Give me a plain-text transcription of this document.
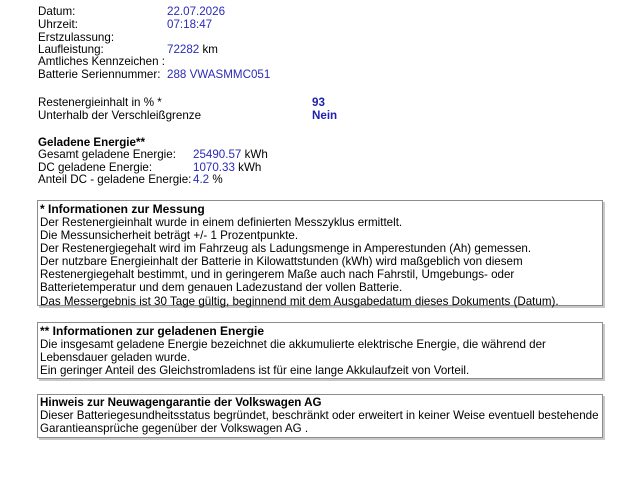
Datum:	22.07.2026
Uhrzeit:	07:18:47
Erstzulassung:
Laufleistung:	72282 km
Amtliches Kennzeichen :
Batterie Seriennummer: 288 VWASMMC051
Restenergieinhalt in % *	93
Unterhalb der Verschleißgrenze	Nein
Geladene Energie**
Gesamt geladene Energie: 25490.57 kWh
DC geladene Energie:	1070.33 kWh
Anteil DC - geladene Energie: 4.2 %
* Informationen zur Messung
Der Restenergieinhalt wurde in einem definierten Messzyklus ermittelt.
Die Messunsicherheit beträgt +/- 1 Prozentpunkte.
Der Restenergiegehalt wird im Fahrzeug als Ladungsmenge in Amperestunden (Ah) gemessen.
Der nutzbare Energieinhalt der Batterie in Kilowattstunden (kWh) wird maßgeblich von diesem
Restenergiegehalt bestimmt, und in geringerem Maße auch nach Fahrstil, Umgebungs- oder
Batterietemperatur und dem genauen Ladezustand der vollen Batterie.
Das Messergebnis ist 30 Tage gültig, beginnend mit dem Ausgabedatum dieses Dokuments (Datum).
** Informationen zur geladenen Energie
Die insgesamt geladene Energie bezeichnet die akkumulierte elektrische Energie, die während der
Lebensdauer geladen wurde.
Ein geringer Anteil des Gleichstromladens ist für eine lange Akkulaufzeit von Vorteil.
Hinweis zur Neuwagengarantie der Volkswagen AG
Dieser Batteriegesundheitsstatus begründet, beschränkt oder erweitert in keiner Weise eventuell bestehende
Garantieansprüche gegenüber der Volkswagen AG .
